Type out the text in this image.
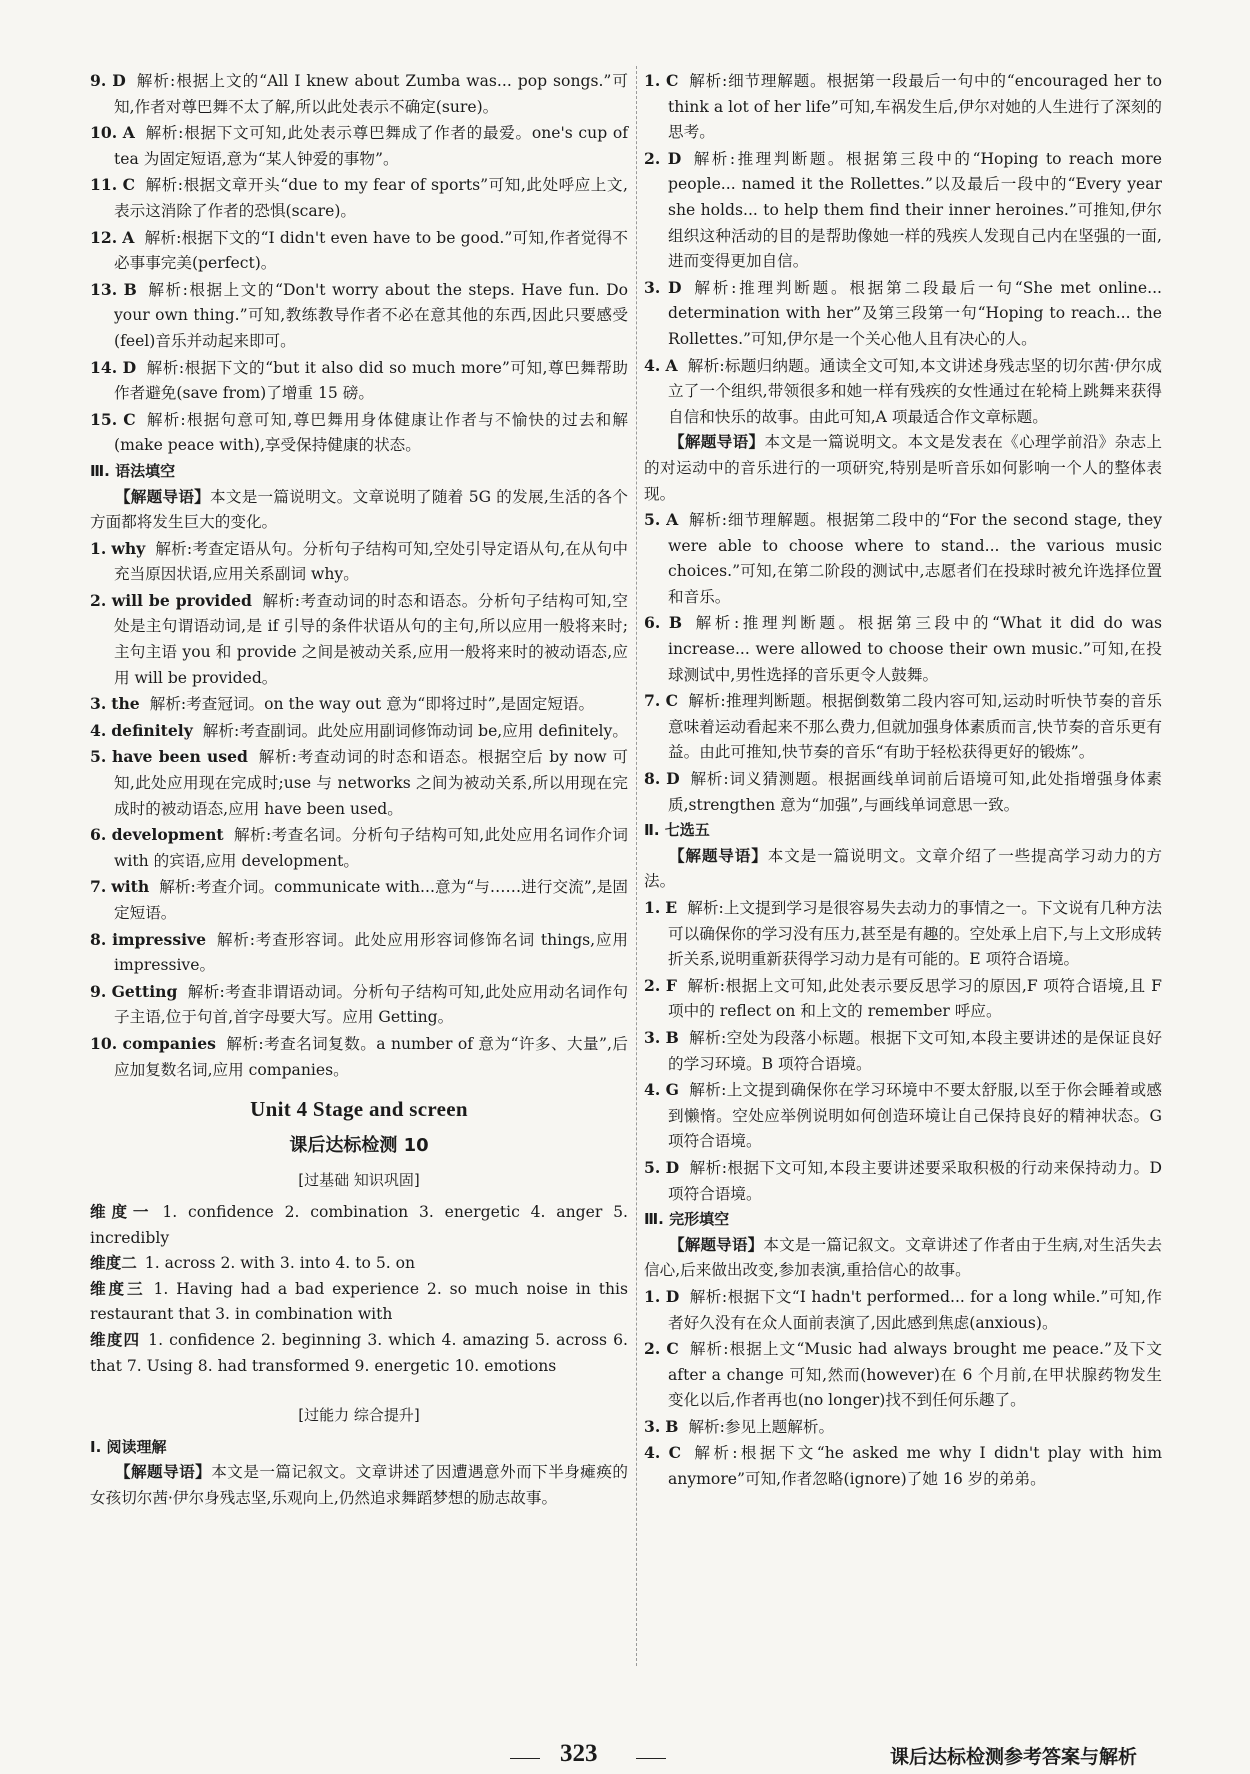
9. D 解析:根据上文的“All I knew about Zumba was... pop songs.”可知,作者对尊巴舞不太了解,所以此处表示不确定(sure)。

10. A 解析:根据下文可知,此处表示尊巴舞成了作者的最爱。one's cup of tea 为固定短语,意为“某人钟爱的事物”。

11. C 解析:根据文章开头“due to my fear of sports”可知,此处呼应上文,表示这消除了作者的恐惧(scare)。

12. A 解析:根据下文的“I didn't even have to be good.”可知,作者觉得不必事事完美(perfect)。

13. B 解析:根据上文的“Don't worry about the steps. Have fun. Do your own thing.”可知,教练教导作者不必在意其他的东西,因此只要感受(feel)音乐并动起来即可。

14. D 解析:根据下文的“but it also did so much more”可知,尊巴舞帮助作者避免(save from)了增重 15 磅。

15. C 解析:根据句意可知,尊巴舞用身体健康让作者与不愉快的过去和解(make peace with),享受保持健康的状态。

Ⅲ. 语法填空

【解题导语】本文是一篇说明文。文章说明了随着 5G 的发展,生活的各个方面都将发生巨大的变化。

1. why 解析:考查定语从句。分析句子结构可知,空处引导定语从句,在从句中充当原因状语,应用关系副词 why。

2. will be provided 解析:考查动词的时态和语态。分析句子结构可知,空处是主句谓语动词,是 if 引导的条件状语从句的主句,所以应用一般将来时;主句主语 you 和 provide 之间是被动关系,应用一般将来时的被动语态,应用 will be provided。

3. the 解析:考查冠词。on the way out 意为“即将过时”,是固定短语。

4. definitely 解析:考查副词。此处应用副词修饰动词 be,应用 definitely。

5. have been used 解析:考查动词的时态和语态。根据空后 by now 可知,此处应用现在完成时;use 与 networks 之间为被动关系,所以用现在完成时的被动语态,应用 have been used。

6. development 解析:考查名词。分析句子结构可知,此处应用名词作介词 with 的宾语,应用 development。

7. with 解析:考查介词。communicate with...意为“与……进行交流”,是固定短语。

8. impressive 解析:考查形容词。此处应用形容词修饰名词 things,应用 impressive。

9. Getting 解析:考查非谓语动词。分析句子结构可知,此处应用动名词作句子主语,位于句首,首字母要大写。应用 Getting。

10. companies 解析:考查名词复数。a number of 意为“许多、大量”,后应加复数名词,应用 companies。

Unit 4 Stage and screen
课后达标检测 10
[过基础 知识巩固]

维度一 1. confidence 2. combination 3. energetic 4. anger 5. incredibly

维度二 1. across 2. with 3. into 4. to 5. on

维度三 1. Having had a bad experience 2. so much noise in this restaurant that 3. in combination with

维度四 1. confidence 2. beginning 3. which 4. amazing 5. across 6. that 7. Using 8. had transformed 9. energetic 10. emotions

[过能力 综合提升]

Ⅰ. 阅读理解

【解题导语】本文是一篇记叙文。文章讲述了因遭遇意外而下半身瘫痪的女孩切尔茜·伊尔身残志坚,乐观向上,仍然追求舞蹈梦想的励志故事。

1. C 解析:细节理解题。根据第一段最后一句中的“encouraged her to think a lot of her life”可知,车祸发生后,伊尔对她的人生进行了深刻的思考。

2. D 解析:推理判断题。根据第三段中的“Hoping to reach more people... named it the Rollettes.”以及最后一段中的“Every year she holds... to help them find their inner heroines.”可推知,伊尔组织这种活动的目的是帮助像她一样的残疾人发现自己内在坚强的一面,进而变得更加自信。

3. D 解析:推理判断题。根据第二段最后一句“She met online... determination with her”及第三段第一句“Hoping to reach... the Rollettes.”可知,伊尔是一个关心他人且有决心的人。

4. A 解析:标题归纳题。通读全文可知,本文讲述身残志坚的切尔茜·伊尔成立了一个组织,带领很多和她一样有残疾的女性通过在轮椅上跳舞来获得自信和快乐的故事。由此可知,A 项最适合作文章标题。

【解题导语】本文是一篇说明文。本文是发表在《心理学前沿》杂志上的对运动中的音乐进行的一项研究,特别是听音乐如何影响一个人的整体表现。

5. A 解析:细节理解题。根据第二段中的“For the second stage, they were able to choose where to stand... the various music choices.”可知,在第二阶段的测试中,志愿者们在投球时被允许选择位置和音乐。

6. B 解析:推理判断题。根据第三段中的“What it did do was increase... were allowed to choose their own music.”可知,在投球测试中,男性选择的音乐更令人鼓舞。

7. C 解析:推理判断题。根据倒数第二段内容可知,运动时听快节奏的音乐意味着运动看起来不那么费力,但就加强身体素质而言,快节奏的音乐更有益。由此可推知,快节奏的音乐“有助于轻松获得更好的锻炼”。

8. D 解析:词义猜测题。根据画线单词前后语境可知,此处指增强身体素质,strengthen 意为“加强”,与画线单词意思一致。

Ⅱ. 七选五

【解题导语】本文是一篇说明文。文章介绍了一些提高学习动力的方法。

1. E 解析:上文提到学习是很容易失去动力的事情之一。下文说有几种方法可以确保你的学习没有压力,甚至是有趣的。空处承上启下,与上文形成转折关系,说明重新获得学习动力是有可能的。E 项符合语境。

2. F 解析:根据上文可知,此处表示要反思学习的原因,F 项符合语境,且 F 项中的 reflect on 和上文的 remember 呼应。

3. B 解析:空处为段落小标题。根据下文可知,本段主要讲述的是保证良好的学习环境。B 项符合语境。

4. G 解析:上文提到确保你在学习环境中不要太舒服,以至于你会睡着或感到懒惰。空处应举例说明如何创造环境让自己保持良好的精神状态。G 项符合语境。

5. D 解析:根据下文可知,本段主要讲述要采取积极的行动来保持动力。D 项符合语境。

Ⅲ. 完形填空

【解题导语】本文是一篇记叙文。文章讲述了作者由于生病,对生活失去信心,后来做出改变,参加表演,重拾信心的故事。

1. D 解析:根据下文“I hadn't performed... for a long while.”可知,作者好久没有在众人面前表演了,因此感到焦虑(anxious)。

2. C 解析:根据上文“Music had always brought me peace.”及下文 after a change 可知,然而(however)在 6 个月前,在甲状腺药物发生变化以后,作者再也(no longer)找不到任何乐趣了。

3. B 解析:参见上题解析。

4. C 解析:根据下文“he asked me why I didn't play with him anymore”可知,作者忽略(ignore)了她 16 岁的弟弟。

323	课后达标检测参考答案与解析
